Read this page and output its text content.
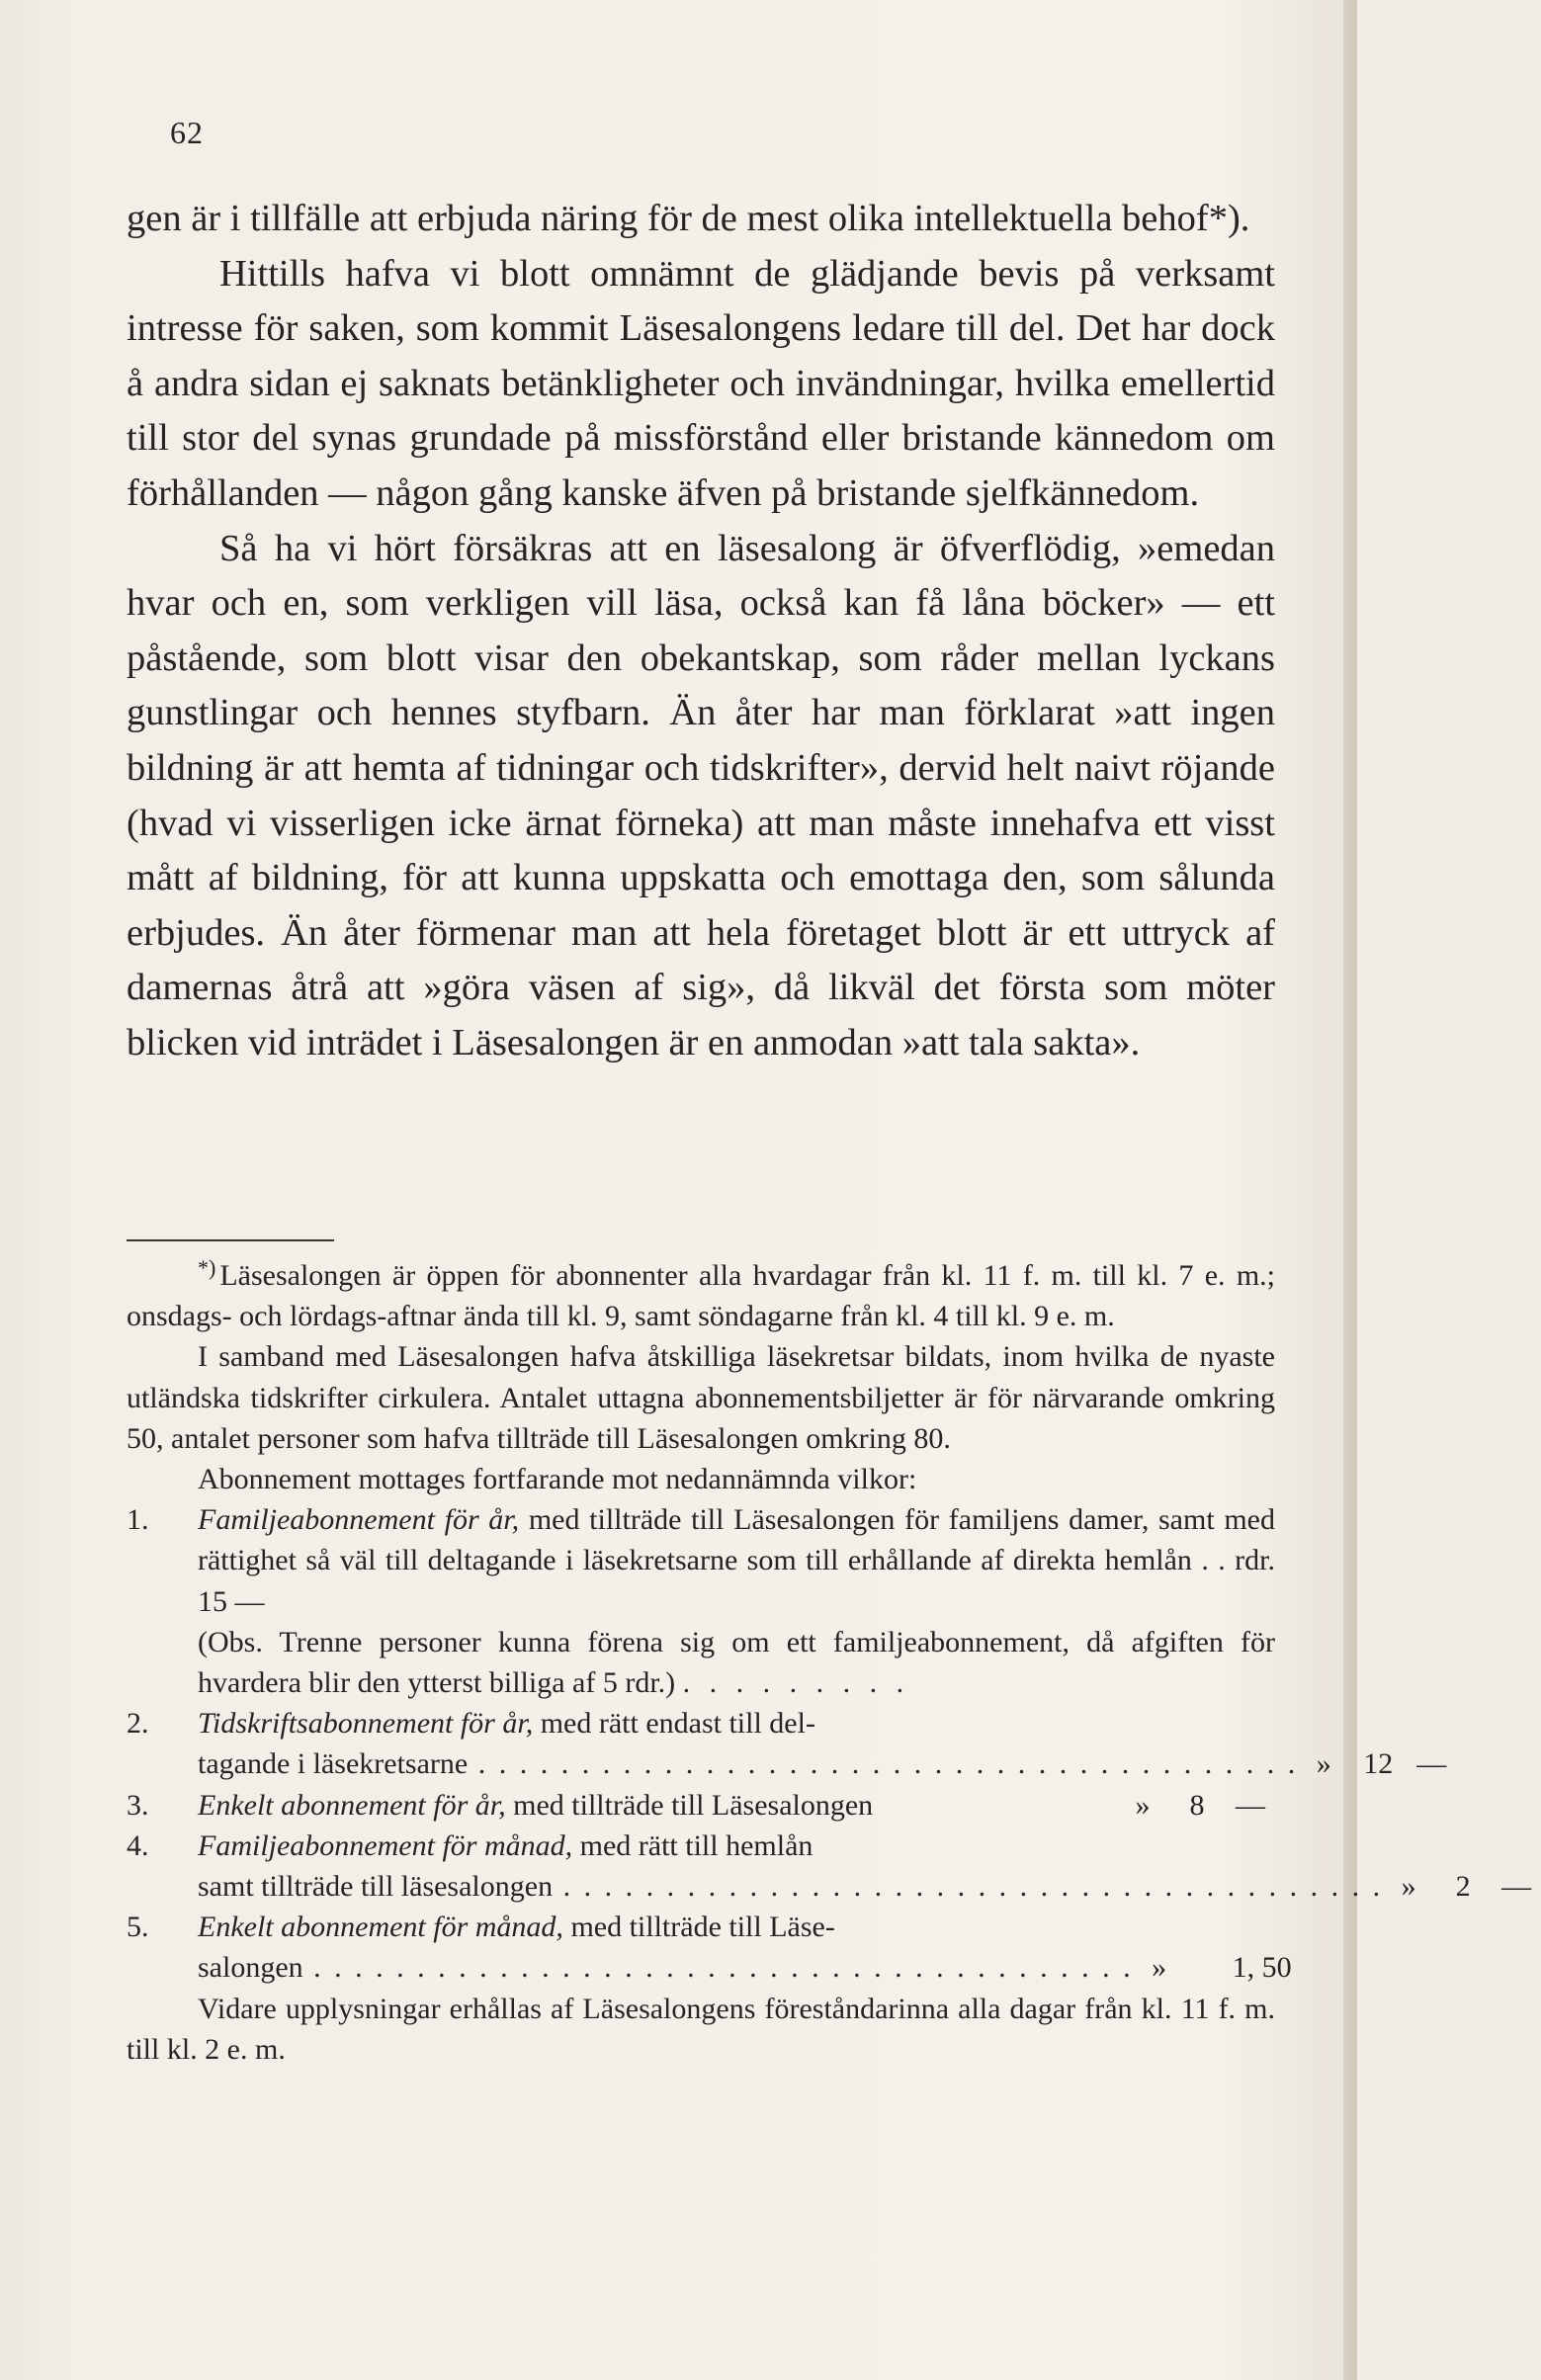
62

gen är i tillfälle att erbjuda näring för de mest olika intellektuella behof*).

Hittills hafva vi blott omnämnt de glädjande bevis på verksamt intresse för saken, som kommit Läsesalongens ledare till del. Det har dock å andra sidan ej saknats betänkligheter och invändningar, hvilka emellertid till stor del synas grundade på missförstånd eller bristande kännedom om förhållanden — någon gång kanske äfven på bristande sjelfkännedom.

Så ha vi hört försäkras att en läsesalong är öfverflödig, »emedan hvar och en, som verkligen vill läsa, också kan få låna böcker» — ett påstående, som blott visar den obekantskap, som råder mellan lyckans gunstlingar och hennes styfbarn. Än åter har man förklarat »att ingen bildning är att hemta af tidningar och tidskrifter», dervid helt naivt röjande (hvad vi visserligen icke ärnat förneka) att man måste innehafva ett visst mått af bildning, för att kunna uppskatta och emottaga den, som sålunda erbjudes. Än åter förmenar man att hela företaget blott är ett uttryck af damernas åtrå att »göra väsen af sig», då likväl det första som möter blicken vid inträdet i Läsesalongen är en anmodan »att tala sakta».

*) Läsesalongen är öppen för abonnenter alla hvardagar från kl. 11 f. m. till kl. 7 e. m.; onsdags- och lördags-aftnar ända till kl. 9, samt söndagarne från kl. 4 till kl. 9 e. m.

I samband med Läsesalongen hafva åtskilliga läsekretsar bildats, inom hvilka de nyaste utländska tidskrifter cirkulera. Antalet uttagna abonnementsbiljetter är för närvarande omkring 50, antalet personer som hafva tillträde till Läsesalongen omkring 80.

Abonnement mottages fortfarande mot nedannämnda vilkor:

1.	Familjeabonnement för år, med tillträde till Läsesalongen för familjens damer, samt med rättighet så väl till deltagande i läsekretsarne som till erhållande af direkta hemlån . . rdr. 15 —
(Obs. Trenne personer kunna förena sig om ett familjeabonnement, då afgiften för hvardera blir den ytterst billiga af 5 rdr.) . . . . . . . . .
2.	Tidskriftsabonnement för år, med rätt endast till del-
tagande i läsekretsarne . . .	»	12 —
3.	Enkelt abonnement för år, med tillträde till Läsesalongen	»	8	—
4.	Familjeabonnement för månad, med rätt till hemlån
samt tillträde till läsesalongen . . .	»	2	—
5.	Enkelt abonnement för månad, med tillträde till Läse-
salongen . . .	»	1, 50

Vidare upplysningar erhållas af Läsesalongens föreståndarinna alla dagar från kl. 11 f. m. till kl. 2 e. m.
